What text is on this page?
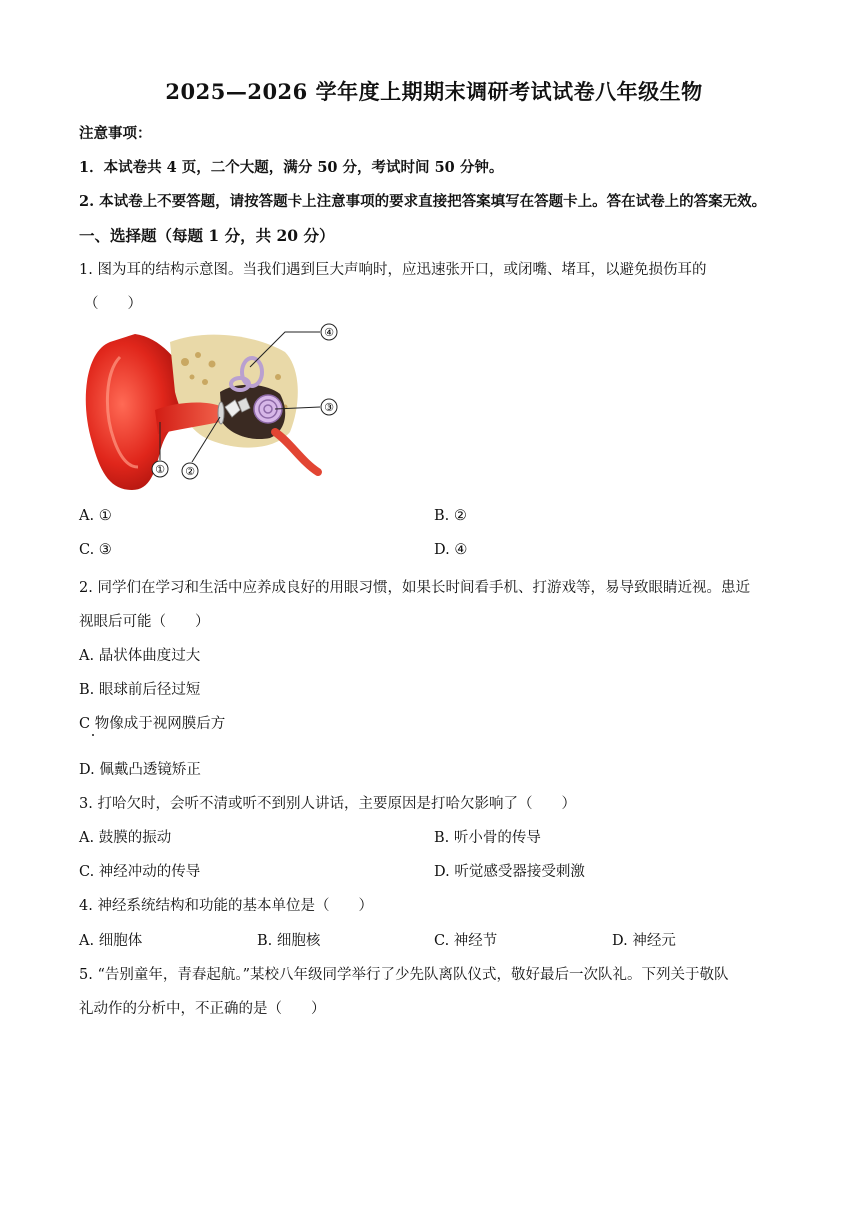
2025—2026 学年度上期期末调研考试试卷八年级生物
注意事项：
1．本试卷共 4 页，二个大题，满分 50 分，考试时间 50 分钟。
2. 本试卷上不要答题，请按答题卡上注意事项的要求直接把答案填写在答题卡上。答在试卷上的答案无效。
一、选择题（每题 1 分，共 20 分）
1. 图为耳的结构示意图。当我们遇到巨大声响时，应迅速张开口，或闭嘴、堵耳，以避免损伤耳的
（　　）
① ②
③
④
A. ①	B. ②
C. ③	D. ④
2. 同学们在学习和生活中应养成良好的用眼习惯，如果长时间看手机、打游戏等，易导致眼睛近视。患近
视眼后可能（　　）
A. 晶状体曲度过大
B. 眼球前后径过短
C 物像成于视网膜后方
D. 佩戴凸透镜矫正
3. 打哈欠时，会听不清或听不到别人讲话，主要原因是打哈欠影响了（　　）
A. 鼓膜的振动	B. 听小骨的传导
C. 神经冲动的传导	D. 听觉感受器接受刺激
4. 神经系统结构和功能的基本单位是（　　）
A. 细胞体	B. 细胞核	C. 神经节	D. 神经元
5. “告别童年，青春起航。”某校八年级同学举行了少先队离队仪式，敬好最后一次队礼。下列关于敬队
礼动作的分析中，不正确的是（　　）
